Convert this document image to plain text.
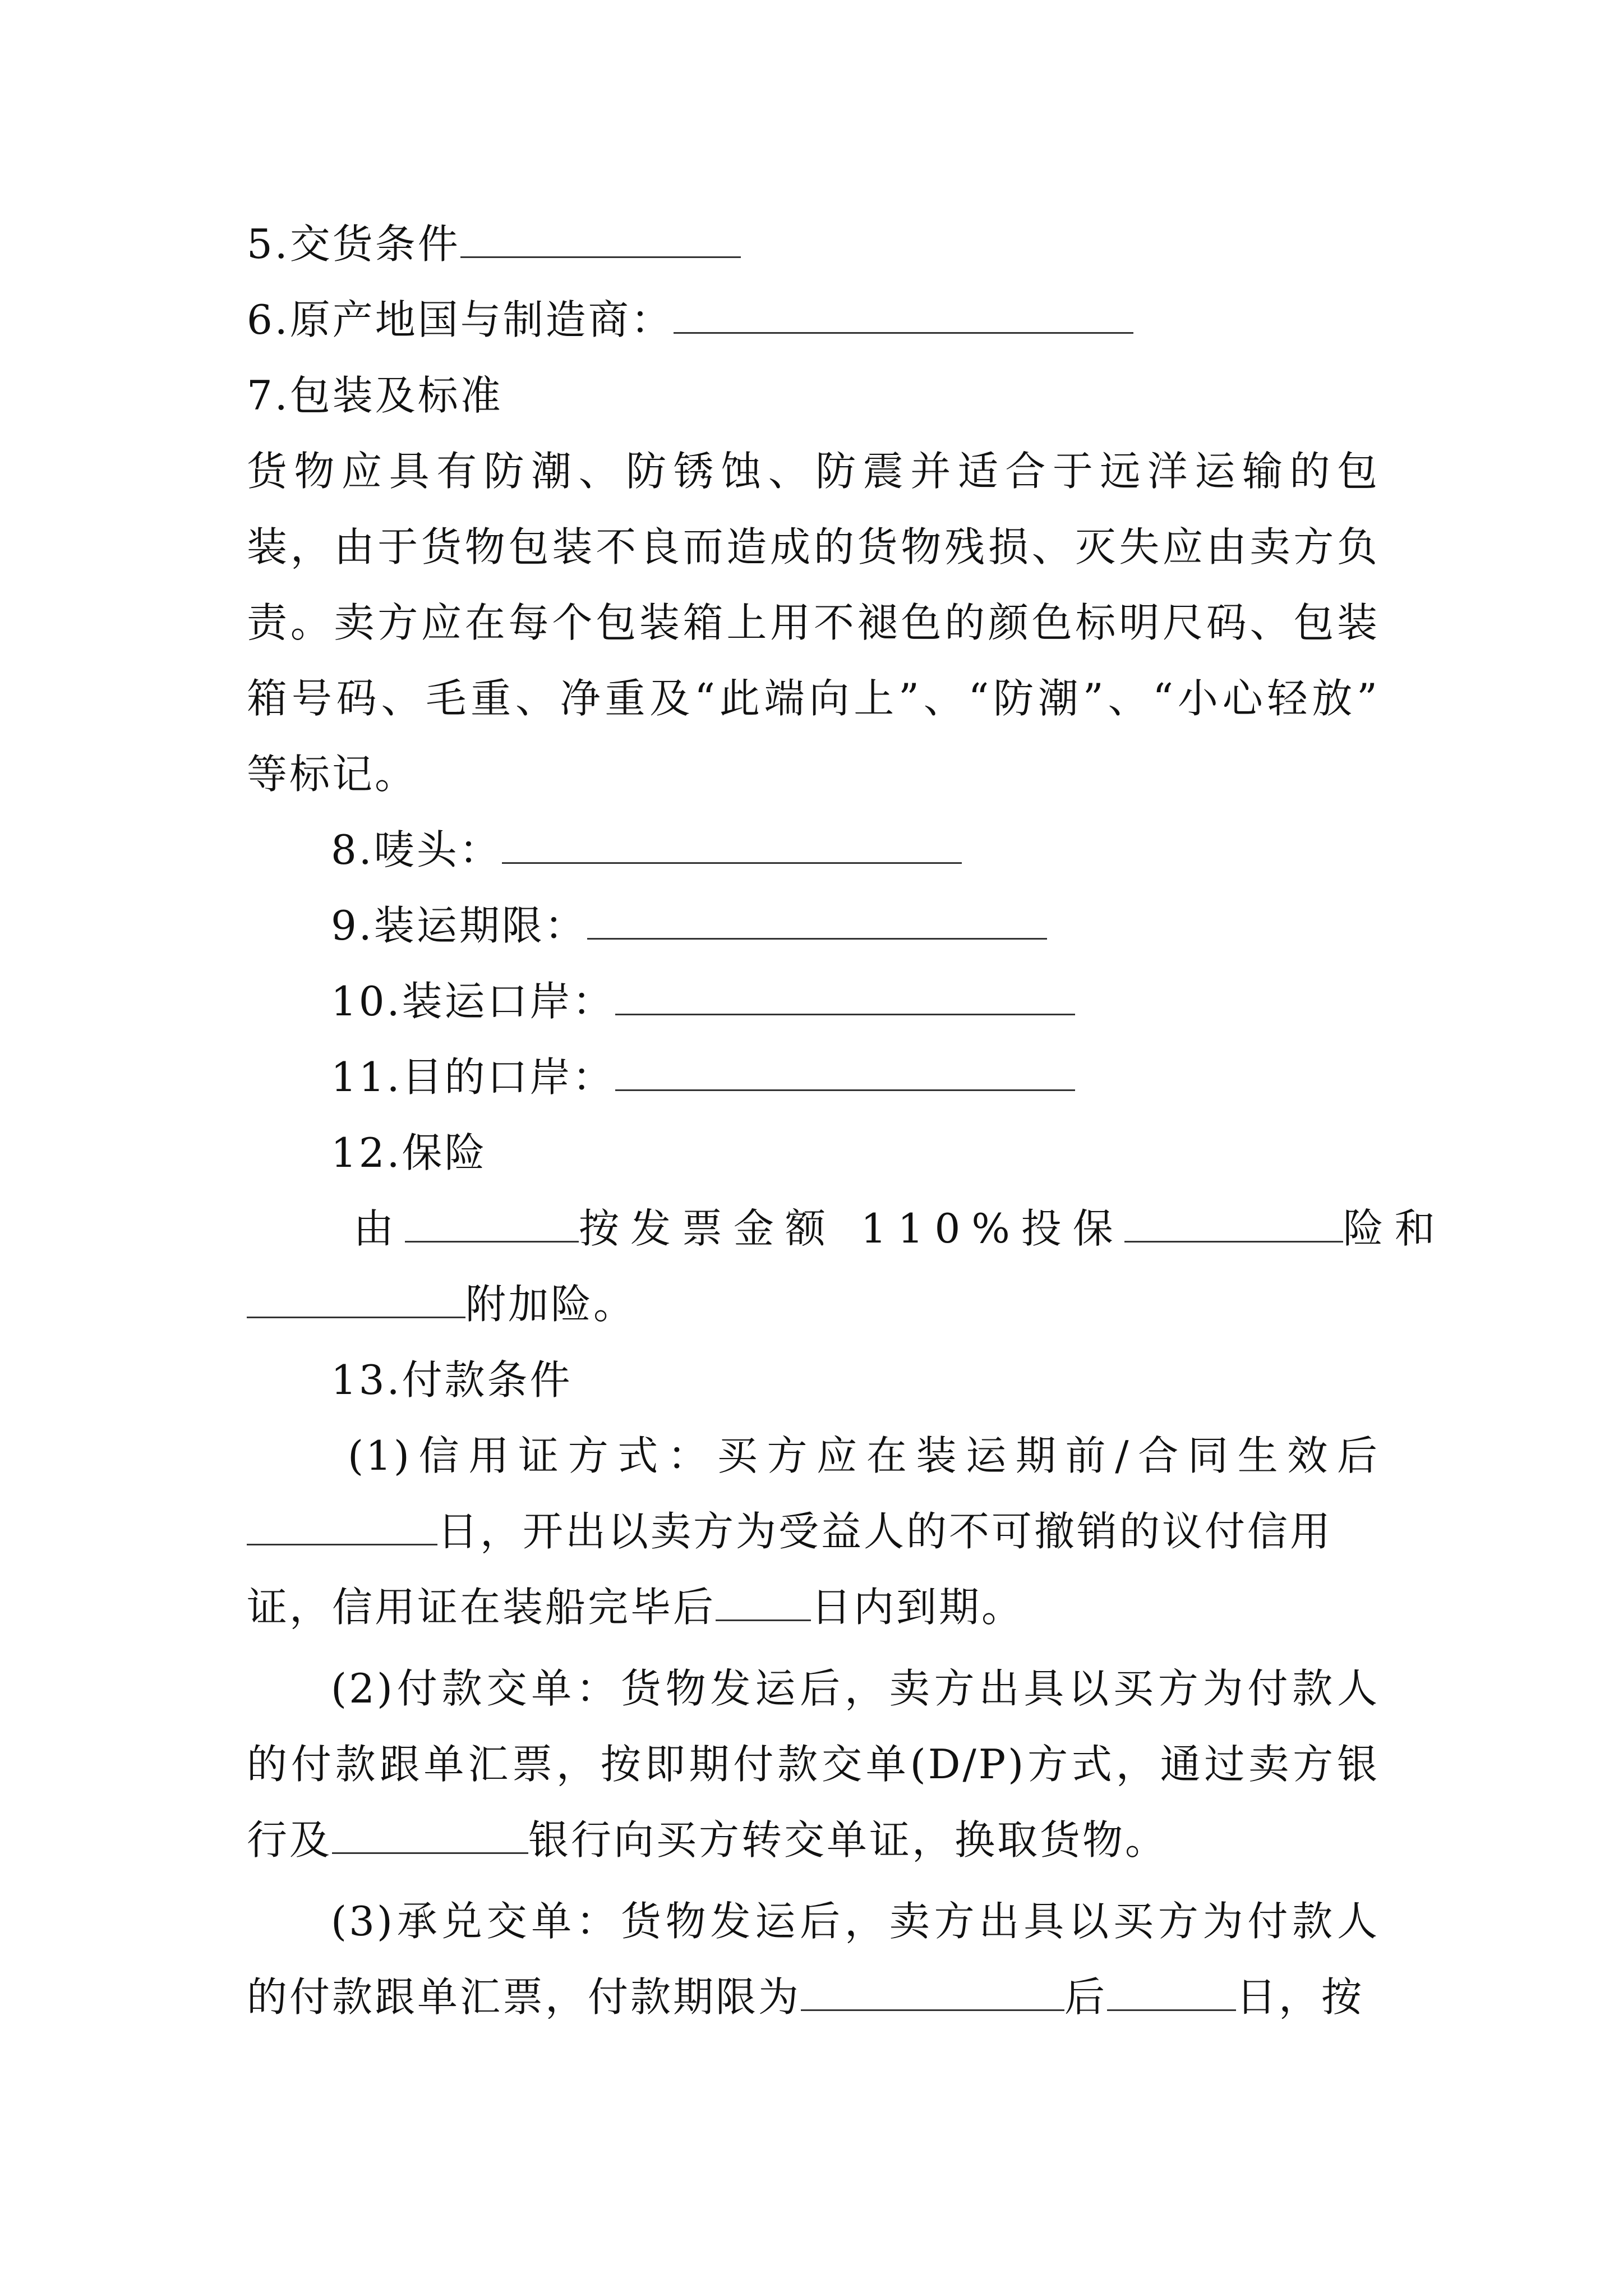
5.交货条件
6.原产地国与制造商：
7.包装及标准
货物应具有防潮、防锈蚀、防震并适合于远洋运输的包
装，由于货物包装不良而造成的货物残损、灭失应由卖方负
责。卖方应在每个包装箱上用不褪色的颜色标明尺码、包装
箱号码、毛重、净重及“此端向上”、“防潮”、“小心轻放”
等标记。
8.唛头：
9.装运期限：
10.装运口岸：
11.目的口岸：
12.保险
由	按发票金额 110%投保	险和
附加险。
13.付款条件
(1)信用证方式：买方应在装运期前/合同生效后
日，开出以卖方为受益人的不可撤销的议付信用
证，信用证在装船完毕后 日内到期。
(2)付款交单：货物发运后，卖方出具以买方为付款人
的付款跟单汇票，按即期付款交单(D/P)方式，通过卖方银
行及	银行向买方转交单证，换取货物。
(3)承兑交单：货物发运后，卖方出具以买方为付款人
的付款跟单汇票，付款期限为	后	日，按
